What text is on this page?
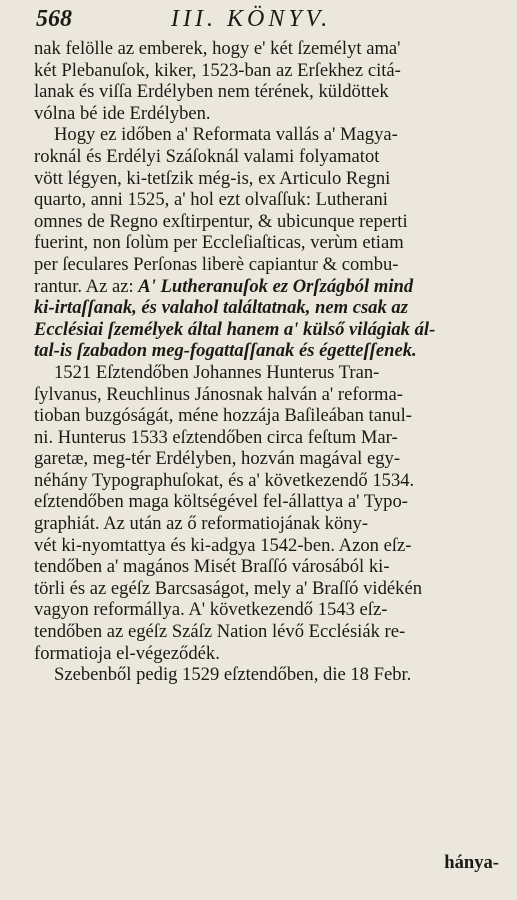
568	III. KÖNYV.
nak felölle az emberek, hogy e' két ſzemélyt ama'
két Plebanuſok, kiker, 1523-ban az Erſekhez citá-
lanak és viſſa Erdélyben nem térének, küldöttek
vólna bé ide Erdélyben.
Hogy ez időben a' Reformata vallás a' Magya-
roknál és Erdélyi Száſoknál valami folyamatot
vött légyen, ki-tetſzik még-is, ex Articulo Regni
quarto, anni 1525, a' hol ezt olvaſſuk: Lutherani
omnes de Regno exſtirpentur, & ubicunque reperti
fuerint, non ſolùm per Eccleſiaſticas, verùm etiam
per ſeculares Perſonas liberè capiantur & combu-
rantur. Az az: A' Lutheranuſok ez Orſzágból mind
ki-irtaſſanak, és valahol találtatnak, nem csak az
Ecclésiai ſzemélyek által hanem a' külső világiak ál-
tal-is ſzabadon meg-fogattaſſanak és égetteſſenek.
1521 Eſztendőben Johannes Hunterus Tran-
ſylvanus, Reuchlinus Jánosnak halván a' reforma-
tioban buzgóságát, méne hozzája Baſileában tanul-
ni. Hunterus 1533 eſztendőben circa feſtum Mar-
garetæ, meg-tér Erdélyben, hozván magával egy-
néhány Typographuſokat, és a' következendő 1534.
eſztendőben maga költségével fel-állattya a' Typo-
graphiát. Az után az ő reformatiojának köny-
vét ki-nyomtattya és ki-adgya 1542-ben. Azon eſz-
tendőben a' magános Misét Braſſó városából ki-
törli és az egéſz Barcsaságot, mely a' Braſſó vidékén
vagyon reformállya. A' következendő 1543 eſz-
tendőben az egéſz Száſz Nation lévő Ecclésiák re-
formatioja el-végeződék.
Szebenből pedig 1529 eſztendőben, die 18 Febr.
hánya-
